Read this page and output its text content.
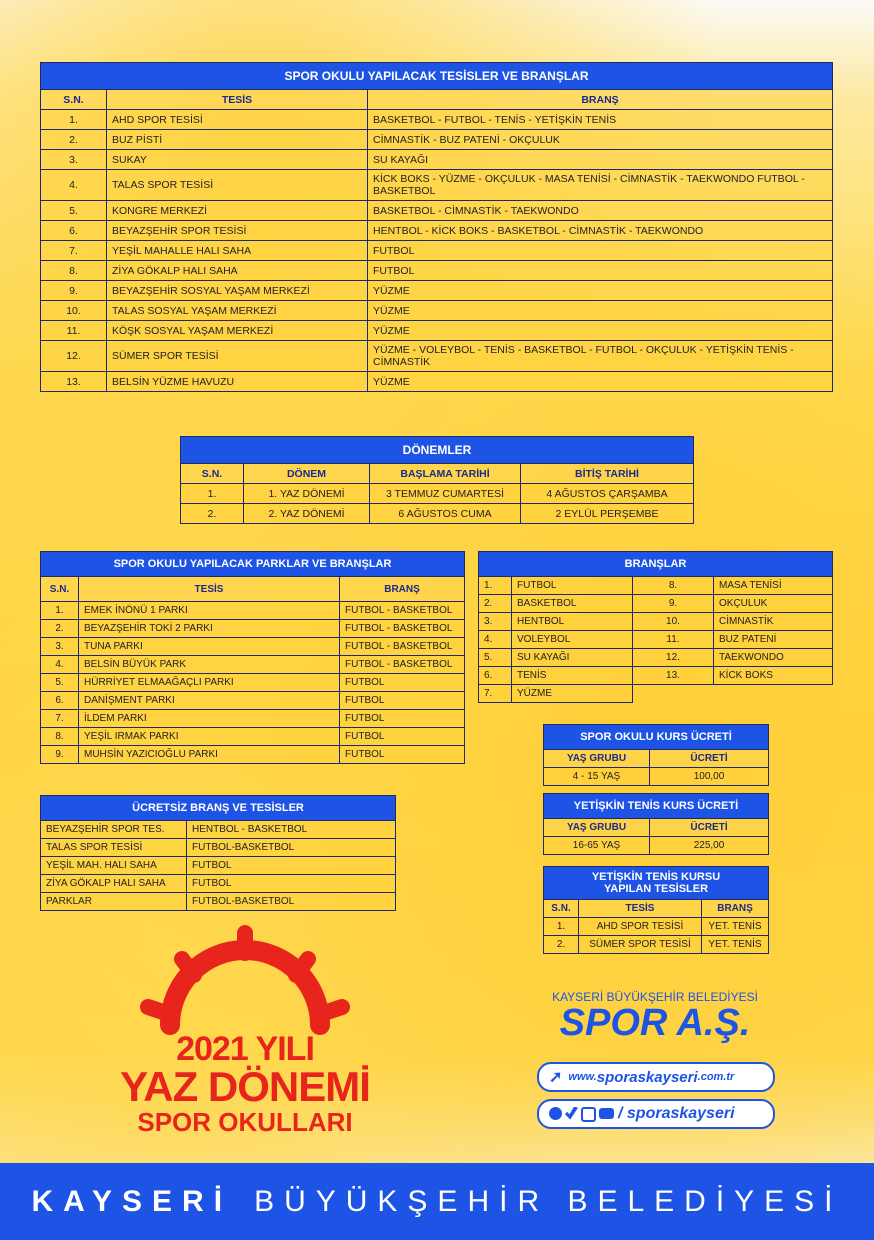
SPOR OKULU YAPILACAK TESİSLER VE BRANŞLAR		
S.N.	TESİS	BRANŞ
1.	AHD SPOR TESİSİ	BASKETBOL - FUTBOL - TENİS - YETİŞKİN TENİS
2.	BUZ PİSTİ	CİMNASTİK - BUZ PATENİ - OKÇULUK
3.	SUKAY	SU KAYAĞI
4.	TALAS SPOR TESİSİ	KİCK BOKS - YÜZME - OKÇULUK - MASA TENİSİ - CİMNASTİK - TAEKWONDO FUTBOL - BASKETBOL
5.	KONGRE MERKEZİ	BASKETBOL - CİMNASTİK - TAEKWONDO
6.	BEYAZŞEHİR SPOR TESİSİ	HENTBOL - KİCK BOKS - BASKETBOL - CİMNASTİK - TAEKWONDO
7.	YEŞİL MAHALLE HALI SAHA	FUTBOL
8.	ZİYA GÖKALP HALI SAHA	FUTBOL
9.	BEYAZŞEHİR SOSYAL YAŞAM MERKEZİ	YÜZME
10.	TALAS SOSYAL YAŞAM MERKEZİ	YÜZME
11.	KÖŞK SOSYAL YAŞAM MERKEZİ	YÜZME
12.	SÜMER SPOR TESİSİ	YÜZME - VOLEYBOL - TENİS - BASKETBOL - FUTBOL - OKÇULUK - YETİŞKİN TENİS - CİMNASTİK
13.	BELSİN YÜZME HAVUZU	YÜZME
DÖNEMLER			
S.N.	DÖNEM	BAŞLAMA TARİHİ	BİTİŞ TARİHİ
1.	1. YAZ DÖNEMİ	3 TEMMUZ CUMARTESİ	4 AĞUSTOS ÇARŞAMBA
2.	2. YAZ DÖNEMİ	6 AĞUSTOS CUMA	2 EYLÜL PERŞEMBE
SPOR OKULU YAPILACAK PARKLAR VE BRANŞLAR		
S.N.	TESİS	BRANŞ
1.	EMEK İNÖNÜ 1 PARKI	FUTBOL - BASKETBOL
2.	BEYAZŞEHİR TOKİ 2 PARKI	FUTBOL - BASKETBOL
3.	TUNA PARKI	FUTBOL - BASKETBOL
4.	BELSİN BÜYÜK PARK	FUTBOL - BASKETBOL
5.	HÜRRİYET ELMAAĞAÇLI PARKI	FUTBOL
6.	DANİŞMENT PARKI	FUTBOL
7.	İLDEM PARKI	FUTBOL
8.	YEŞİL IRMAK PARKI	FUTBOL
9.	MUHSİN YAZICIOĞLU PARKI	FUTBOL
BRANŞLAR			
1.	FUTBOL	8.	MASA TENİSİ
2.	BASKETBOL	9.	OKÇULUK
3.	HENTBOL	10.	CİMNASTİK
4.	VOLEYBOL	11.	BUZ PATENİ
5.	SU KAYAĞI	12.	TAEKWONDO
6.	TENİS	13.	KİCK BOKS
7.	YÜZME		
ÜCRETSİZ BRANŞ VE TESİSLER	
BEYAZŞEHİR SPOR TES.	HENTBOL - BASKETBOL
TALAS SPOR TESİSİ	FUTBOL-BASKETBOL
YEŞİL MAH. HALI SAHA	FUTBOL
ZİYA GÖKALP HALI SAHA	FUTBOL
PARKLAR	FUTBOL-BASKETBOL
SPOR OKULU KURS ÜCRETİ	
YAŞ GRUBU	ÜCRETİ
4 - 15 YAŞ	100,00
YETİŞKİN TENİS KURS ÜCRETİ	
YAŞ GRUBU	ÜCRETİ
16-65 YAŞ	225,00
YETİŞKİN TENİS KURSU
YAPILAN TESİSLER		
S.N.	TESİS	BRANŞ
1.	AHD SPOR TESİSİ	YET. TENİS
2.	SÜMER SPOR TESİSİ	YET. TENİS
2021 YILI
YAZ DÖNEMİ
SPOR OKULLARI
KAYSERİ BÜYÜKŞEHİR BELEDİYESİ
SPOR A.Ş.
➚ www. sporaskayseri .com.tr
/ sporaskayseri
KAYSERİ BÜYÜKŞEHİR BELEDİYESİ
